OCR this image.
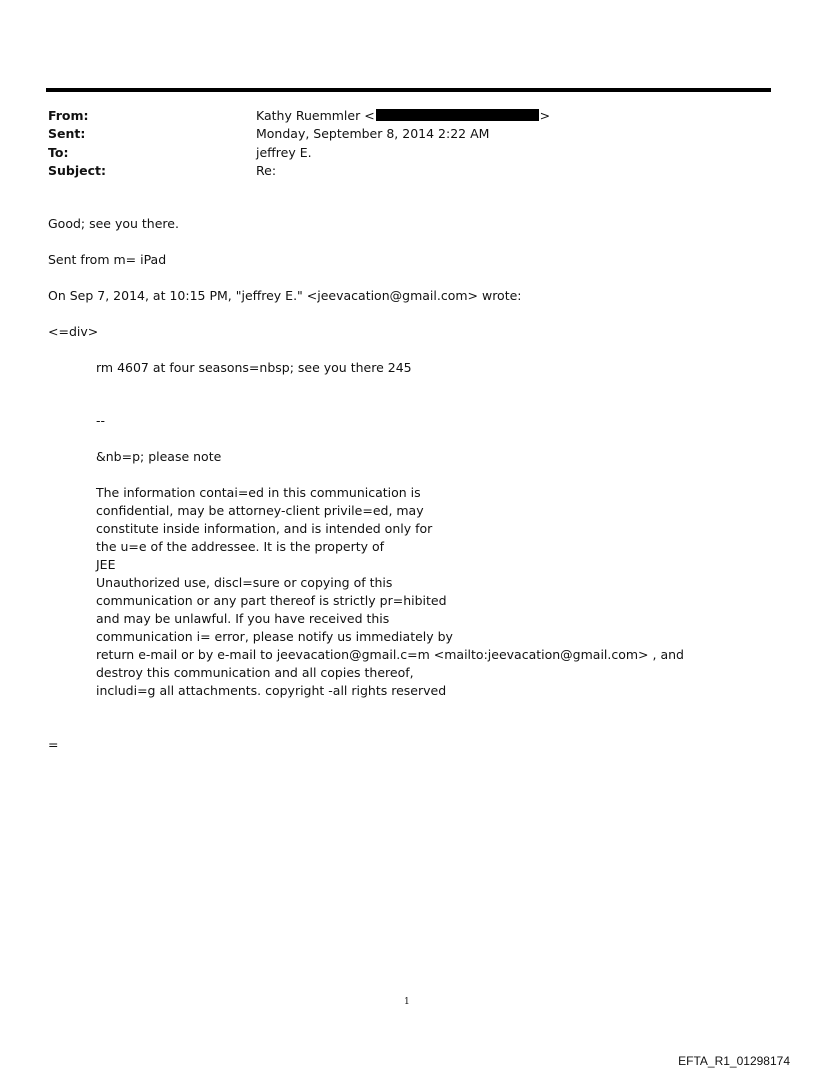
From:	Kathy Ruemmler <	>
Sent:	Monday, September 8, 2014 2:22 AM
To:	jeffrey E.
Subject:	Re:
Good; see you there.
Sent from m= iPad
On Sep 7, 2014, at 10:15 PM, "jeffrey E." <jeevacation@gmail.com> wrote:
<=div>
rm 4607 at four seasons=nbsp; see you there 245
--
&nb=p; please note
The information contai=ed in this communication is
confidential, may be attorney-client privile=ed, may
constitute inside information, and is intended only for
the u=e of the addressee. It is the property of
JEE
Unauthorized use, discl=sure or copying of this
communication or any part thereof is strictly pr=hibited
and may be unlawful. If you have received this
communication i= error, please notify us immediately by
return e-mail or by e-mail to jeevacation@gmail.c=m <mailto:jeevacation@gmail.com> , and
destroy this communication and all copies thereof,
includi=g all attachments. copyright -all rights reserved
=
1
EFTA_R1_01298174
